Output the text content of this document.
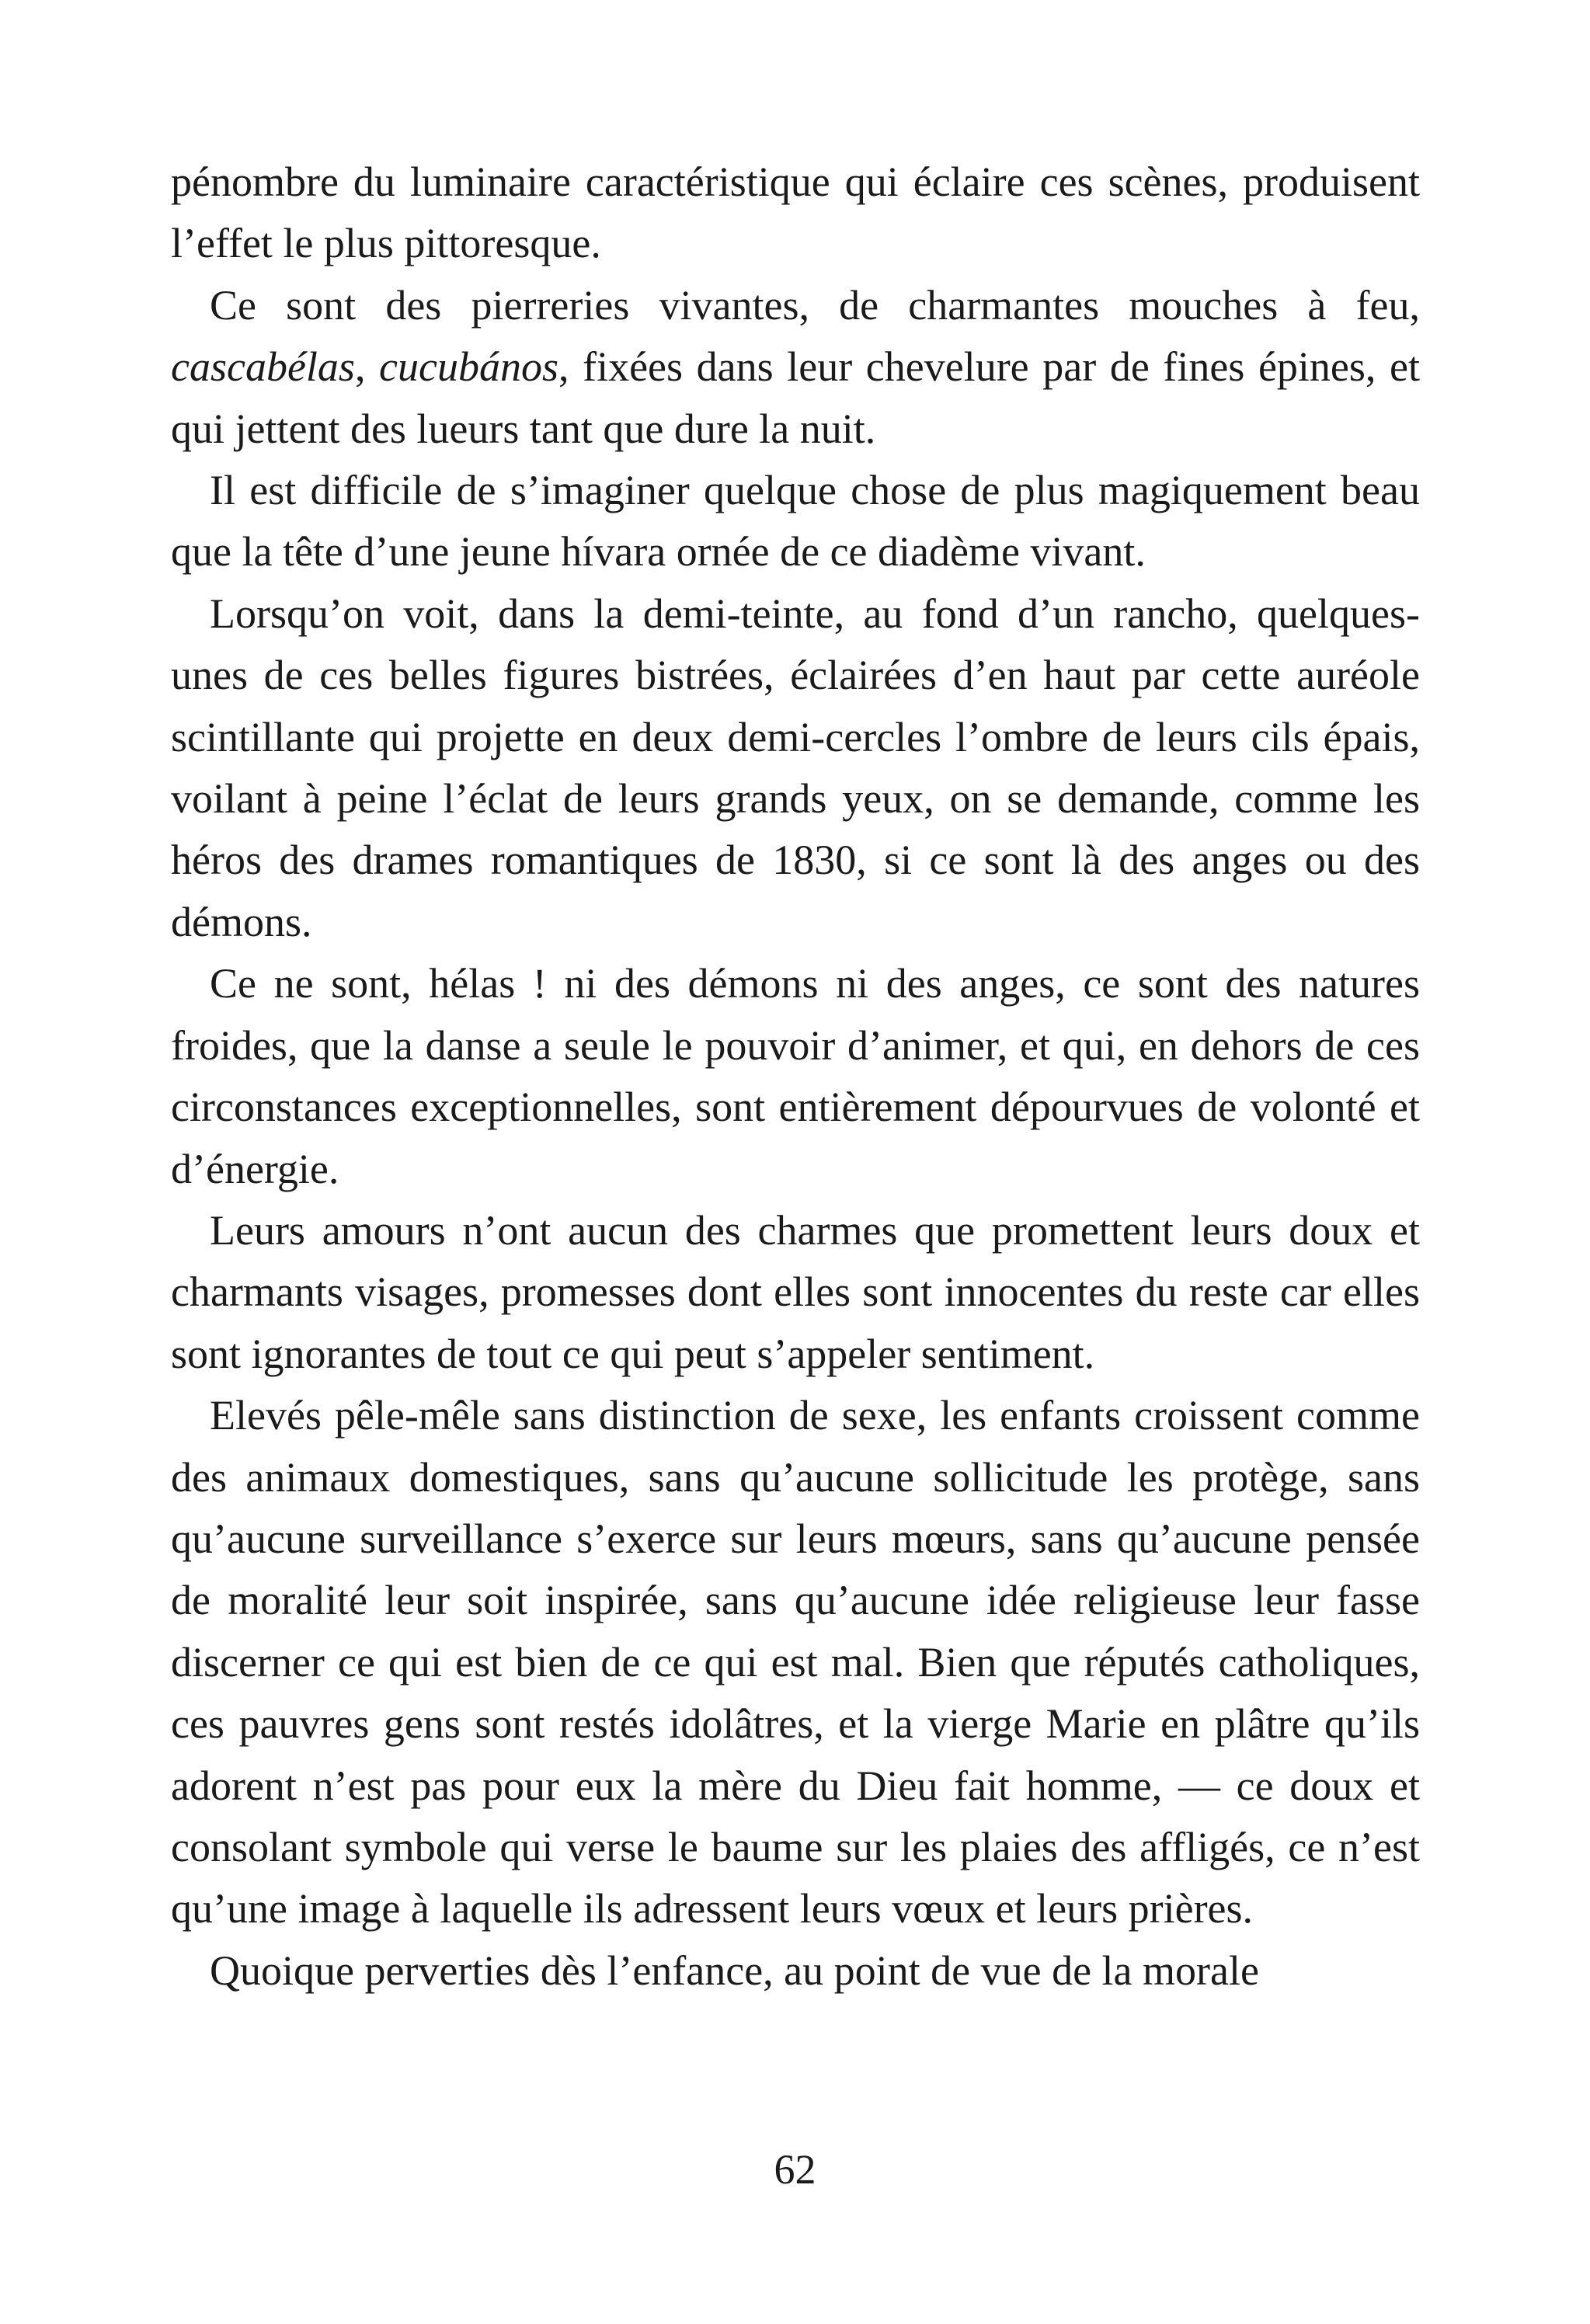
pénombre du luminaire caractéristique qui éclaire ces scènes, produisent l’effet le plus pittoresque.

Ce sont des pierreries vivantes, de charmantes mouches à feu, cascabélas, cucubános, fixées dans leur chevelure par de fines épines, et qui jettent des lueurs tant que dure la nuit.

Il est difficile de s’imaginer quelque chose de plus magiquement beau que la tête d’une jeune hívara ornée de ce diadème vivant.

Lorsqu’on voit, dans la demi-teinte, au fond d’un rancho, quelques-unes de ces belles figures bistrées, éclairées d’en haut par cette auréole scintillante qui projette en deux demi-cercles l’ombre de leurs cils épais, voilant à peine l’éclat de leurs grands yeux, on se demande, comme les héros des drames romantiques de 1830, si ce sont là des anges ou des démons.

Ce ne sont, hélas ! ni des démons ni des anges, ce sont des natures froides, que la danse a seule le pouvoir d’animer, et qui, en dehors de ces circonstances exceptionnelles, sont entièrement dépourvues de volonté et d’énergie.

Leurs amours n’ont aucun des charmes que promettent leurs doux et charmants visages, promesses dont elles sont innocentes du reste car elles sont ignorantes de tout ce qui peut s’appeler sentiment.

Elevés pêle-mêle sans distinction de sexe, les enfants croissent comme des animaux domestiques, sans qu’aucune sollicitude les protège, sans qu’aucune surveillance s’exerce sur leurs mœurs, sans qu’aucune pensée de moralité leur soit inspirée, sans qu’aucune idée religieuse leur fasse discerner ce qui est bien de ce qui est mal. Bien que réputés catholiques, ces pauvres gens sont restés idolâtres, et la vierge Marie en plâtre qu’ils adorent n’est pas pour eux la mère du Dieu fait homme, — ce doux et consolant symbole qui verse le baume sur les plaies des affligés, ce n’est qu’une image à laquelle ils adressent leurs vœux et leurs prières.

Quoique perverties dès l’enfance, au point de vue de la morale

62
